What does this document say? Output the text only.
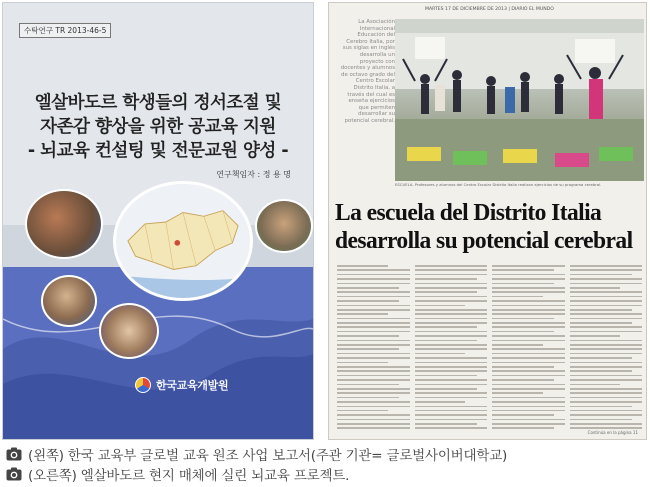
수탁연구 TR 2013-46-5
엘살바도르 학생들의 정서조절 및
자존감 향상을 위한 공교육 지원
- 뇌교육 컨설팅 및 전문교원 양성 -
연구책임자 : 정 용 명
한국교육개발원
MARTES 17 DE DICIEMBRE DE 2013 | DIARIO EL MUNDO
La Asociación Internacional Educación del Cerebro Italia, por sus siglas en inglés desarrolla un proyecto con docentes y alumnos de octavo grado del Centro Escolar Distrito Italia, a través del cual es enseña ejercicios que permiten desarrollar su potencial cerebral.
ESCUELA. Profesores y alumnos del Centro Escolar Distrito Italia realizan ejercicios de su programa cerebral.
La escuela del Distrito Italia
desarrolla su potencial cerebral
Continúa en la página 11
(왼쪽) 한국 교육부 글로벌 교육 원조 사업 보고서(주관 기관= 글로벌사이버대학교)
(오른쪽) 엘살바도르 현지 매체에 실린 뇌교육 프로젝트.
